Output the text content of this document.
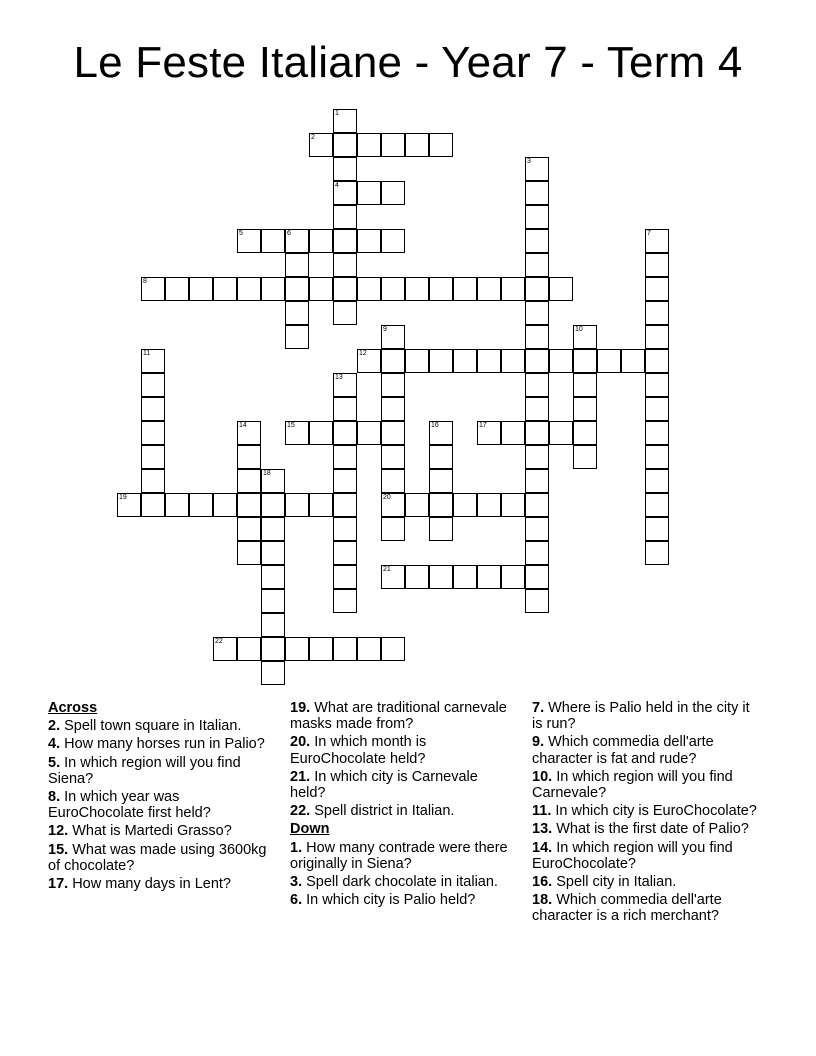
Le Feste Italiane - Year 7 - Term 4
1
4
2
3
5	6	7
8
9
20
10
11	12
13
14	15	16	17
18
19
21
22
Across
2. Spell town square in Italian.
4. How many horses run in Palio?
5. In which region will you find Siena?
8. In which year was EuroChocolate first held?
12. What is Martedi Grasso?
15. What was made using 3600kg of chocolate?
17. How many days in Lent?
19. What are traditional carnevale masks made from?
20. In which month is EuroChocolate held?
21. In which city is Carnevale held?
22. Spell district in Italian.
Down
1. How many contrade were there originally in Siena?
3. Spell dark chocolate in italian.
6. In which city is Palio held?
7. Where is Palio held in the city it is run?
9. Which commedia dell'arte character is fat and rude?
10. In which region will you find Carnevale?
11. In which city is EuroChocolate?
13. What is the first date of Palio?
14. In which region will you find EuroChocolate?
16. Spell city in Italian.
18. Which commedia dell'arte character is a rich merchant?
